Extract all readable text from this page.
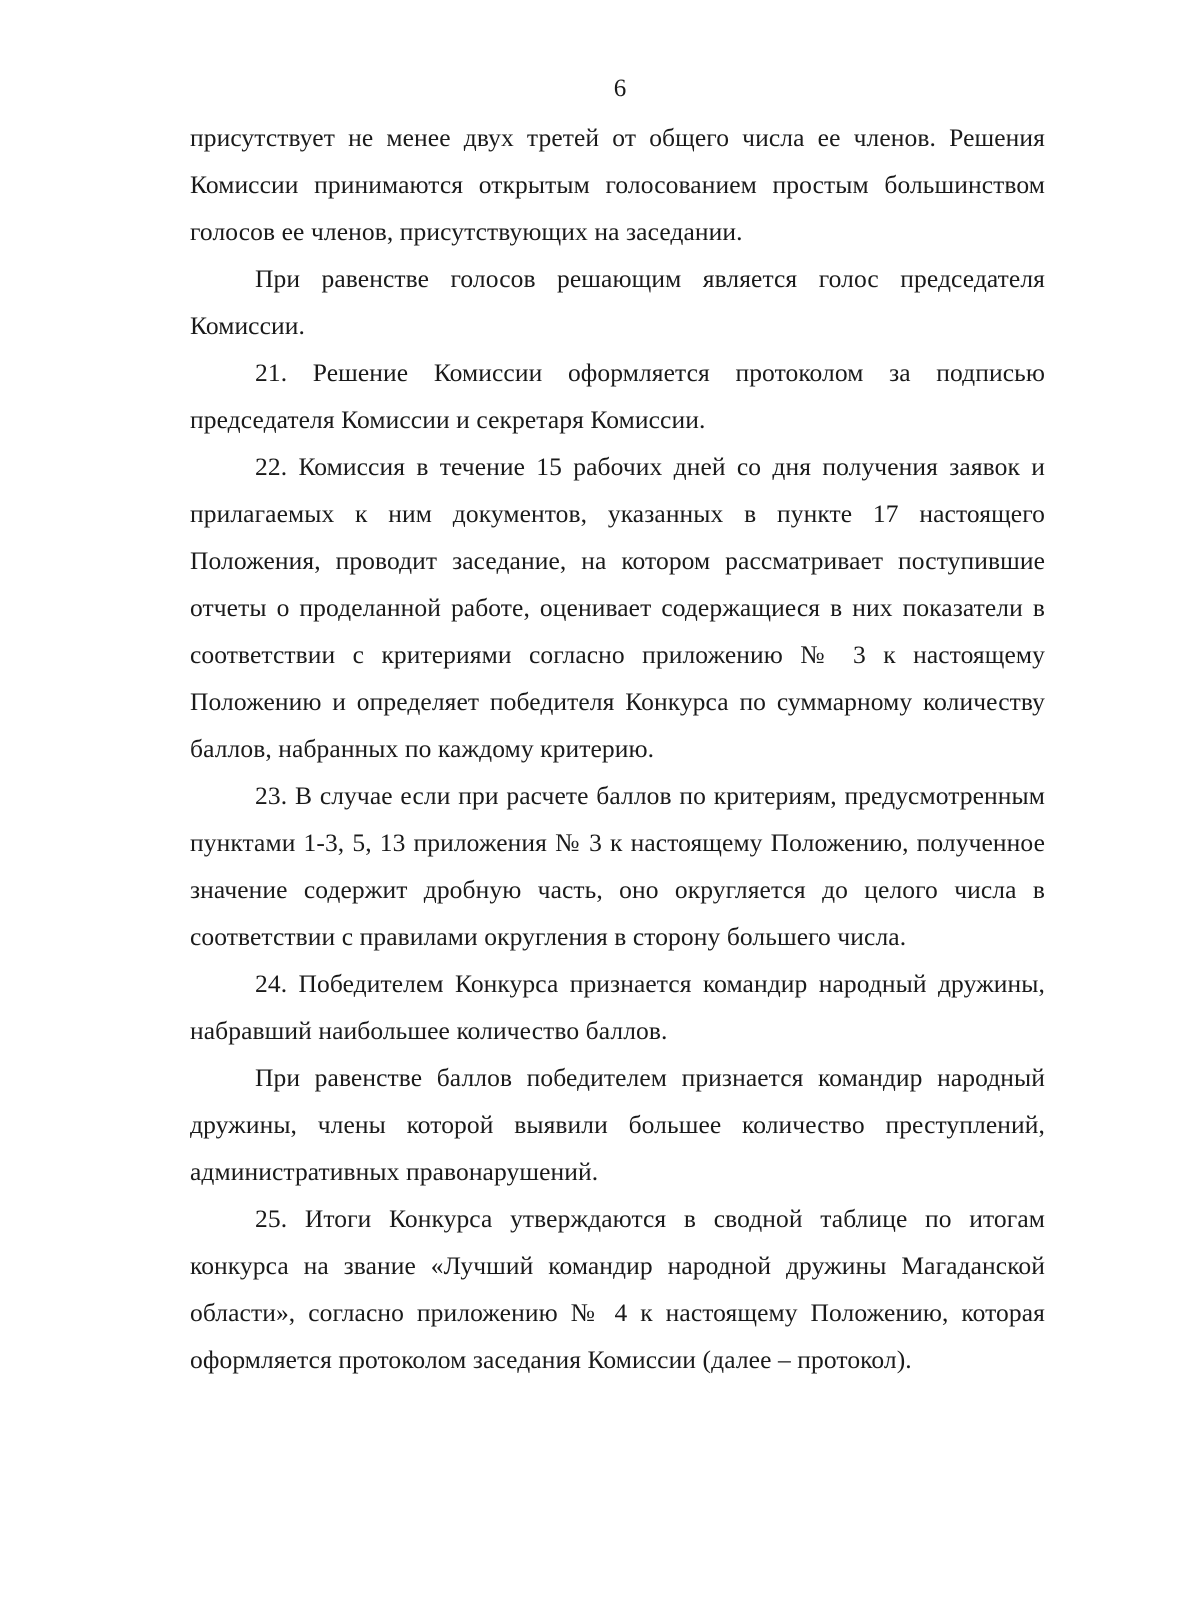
6

присутствует не менее двух третей от общего числа ее членов. Решения Комиссии принимаются открытым голосованием простым большинством голосов ее членов, присутствующих на заседании.

При равенстве голосов решающим является голос председателя Комиссии.

21. Решение Комиссии оформляется протоколом за подписью председателя Комиссии и секретаря Комиссии.

22. Комиссия в течение 15 рабочих дней со дня получения заявок и прилагаемых к ним документов, указанных в пункте 17 настоящего Положения, проводит заседание, на котором рассматривает поступившие отчеты о проделанной работе, оценивает содержащиеся в них показатели в соответствии с критериями согласно приложению № 3 к настоящему Положению и определяет победителя Конкурса по суммарному количеству баллов, набранных по каждому критерию.

23. В случае если при расчете баллов по критериям, предусмотренным пунктами 1-3, 5, 13 приложения № 3 к настоящему Положению, полученное значение содержит дробную часть, оно округляется до целого числа в соответствии с правилами округления в сторону большего числа.

24. Победителем Конкурса признается командир народный дружины, набравший наибольшее количество баллов.

При равенстве баллов победителем признается командир народный дружины, члены которой выявили большее количество преступлений, административных правонарушений.

25. Итоги Конкурса утверждаются в сводной таблице по итогам конкурса на звание «Лучший командир народной дружины Магаданской области», согласно приложению № 4 к настоящему Положению, которая оформляется протоколом заседания Комиссии (далее – протокол).
